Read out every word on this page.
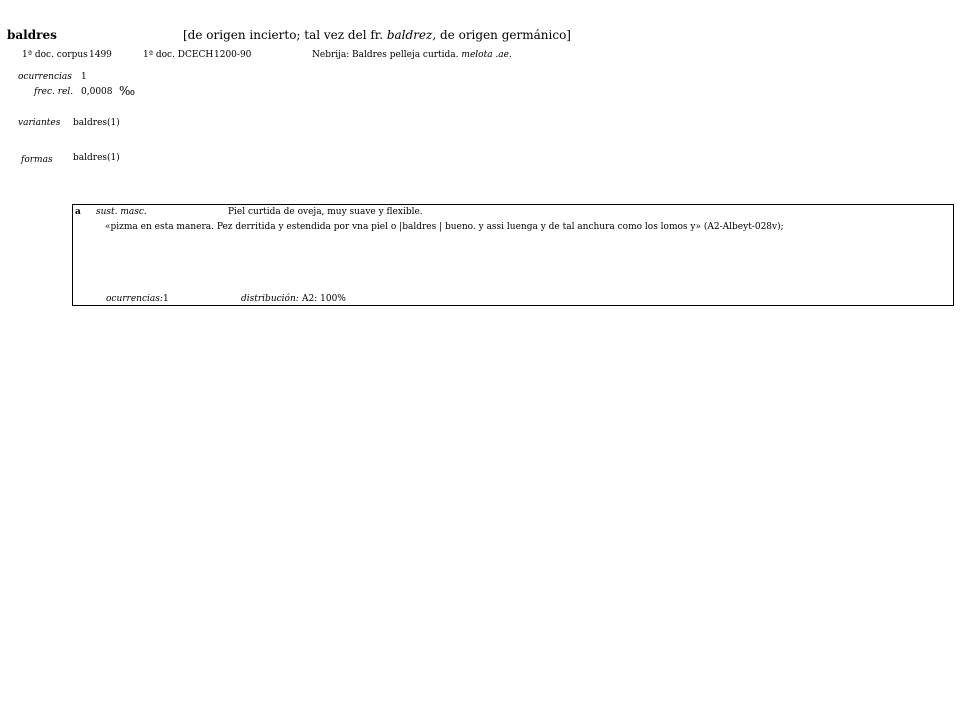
baldres	[de origen incierto; tal vez del fr. baldrez, de origen germánico]
1ª doc. corpus 1499	1ª doc. DCECH 1200-90	Nebrija: Baldres pelleja curtida. melota .ae.
ocurrencias 1
frec. rel. 0,0008 ‰
variantes baldres(1)
formas baldres(1)
a sust. masc.	Piel curtida de oveja, muy suave y flexible.
«pizma en esta manera. Pez derritida y estendida por vna piel o |baldres | bueno. y assi luenga y de tal anchura como los lomos y» (A2-Albeyt-028v);
ocurrencias: 1	distribución: A2: 100%
